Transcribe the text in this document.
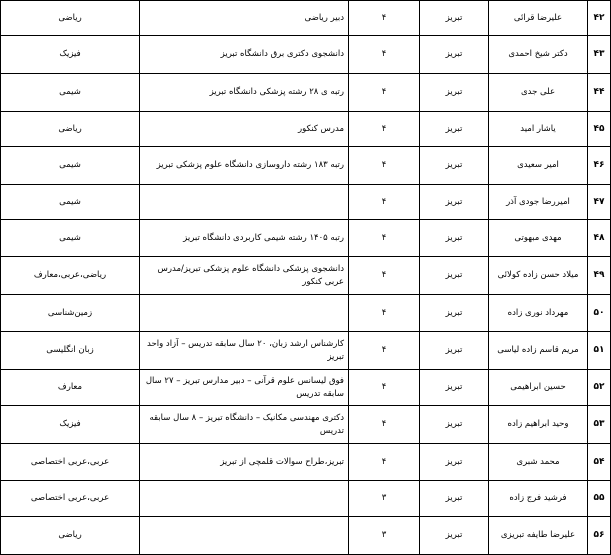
۴۲	علیرضا قرائی	تبریز	۴	دبیر ریاضی	ریاضی
۴۳	دکتر شیخ احمدی	تبریز	۴	دانشجوی دکتری برق دانشگاه تبریز	فیزیک
۴۴	علی جدی	تبریز	۴	رتبه ی ۲۸ رشته پزشکی دانشگاه تبریز	شیمی
۴۵	یاشار امید	تبریز	۴	مدرس کنکور	ریاضی
۴۶	امیر سعیدی	تبریز	۴	رتبه ۱۸۳ رشته داروسازی دانشگاه علوم پزشکی تبریز	شیمی
۴۷	امیررضا جودی آذر	تبریز	۴		شیمی
۴۸	مهدی مبهوتی	تبریز	۴	رتبه ۱۴۰۵ رشته شیمی کاربردی دانشگاه تبریز	شیمی
۴۹	میلاد حسن زاده کولائی	تبریز	۴	دانشجوی پزشکی دانشگاه علوم پزشکی تبریز/مدرس عربی کنکور	ریاضی،عربی،معارف
۵۰	مهرداد نوری زاده	تبریز	۴		زمین‌شناسی
۵۱	مریم قاسم زاده لیاسی	تبریز	۴	کارشناس ارشد زبان، ۲۰ سال سابقه تدریس – آزاد واحد تبریز	زبان انگلیسی
۵۲	حسین ابراهیمی	تبریز	۴	فوق لیسانس علوم قرآنی – دبیر مدارس تبریز – ۲۷ سال سابقه تدریس	معارف
۵۳	وحید ابراهیم زاده	تبریز	۴	دکتری مهندسی مکانیک – دانشگاه تبریز – ۸ سال سابقه تدریس	فیزیک
۵۴	محمد شبری	تبریز	۴	تبریز،طراح سوالات قلمچی از تبریز	عربی،عربی اختصاصی
۵۵	فرشید فرج زاده	تبریز	۳		عربی،عربی اختصاصی
۵۶	علیرضا طایفه تبریزی	تبریز	۳		ریاضی
